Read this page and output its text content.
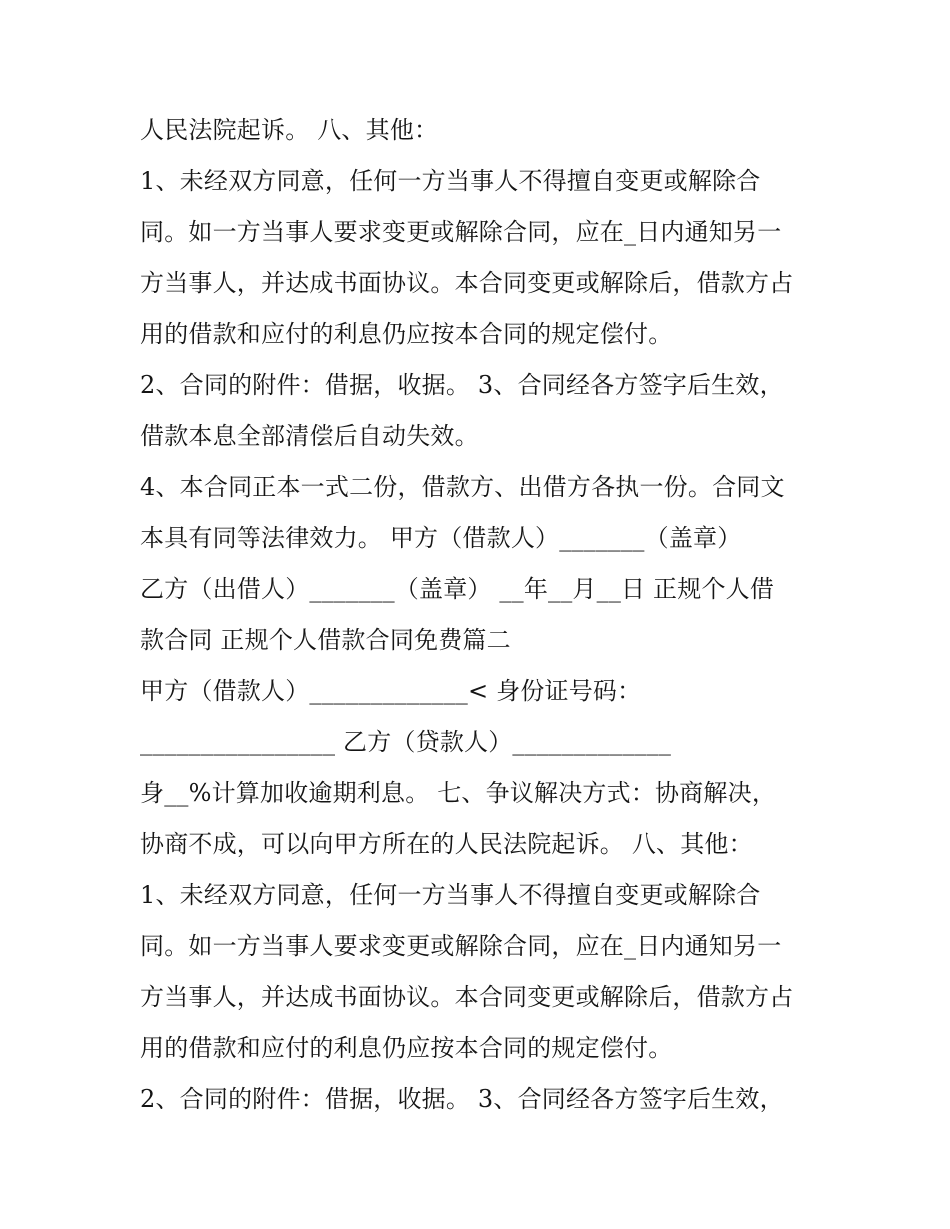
人民法院起诉。 八、其他：
1、未经双方同意，任何一方当事人不得擅自变更或解除合
同。如一方当事人要求变更或解除合同，应在_日内通知另一
方当事人，并达成书面协议。本合同变更或解除后，借款方占
用的借款和应付的利息仍应按本合同的规定偿付。
2、合同的附件：借据，收据。 3、合同经各方签字后生效，
借款本息全部清偿后自动失效。
4、本合同正本一式二份，借款方、出借方各执一份。合同文
本具有同等法律效力。 甲方（借款人）_______（盖章）
乙方（出借人）_______（盖章） __年__月__日 正规个人借
款合同 正规个人借款合同免费篇二
甲方（借款人）_____________< 身份证号码：
________________ 乙方（贷款人）_____________
身__%计算加收逾期利息。 七、争议解决方式：协商解决，
协商不成，可以向甲方所在的人民法院起诉。 八、其他：
1、未经双方同意，任何一方当事人不得擅自变更或解除合
同。如一方当事人要求变更或解除合同，应在_日内通知另一
方当事人，并达成书面协议。本合同变更或解除后，借款方占
用的借款和应付的利息仍应按本合同的规定偿付。
2、合同的附件：借据，收据。 3、合同经各方签字后生效，
